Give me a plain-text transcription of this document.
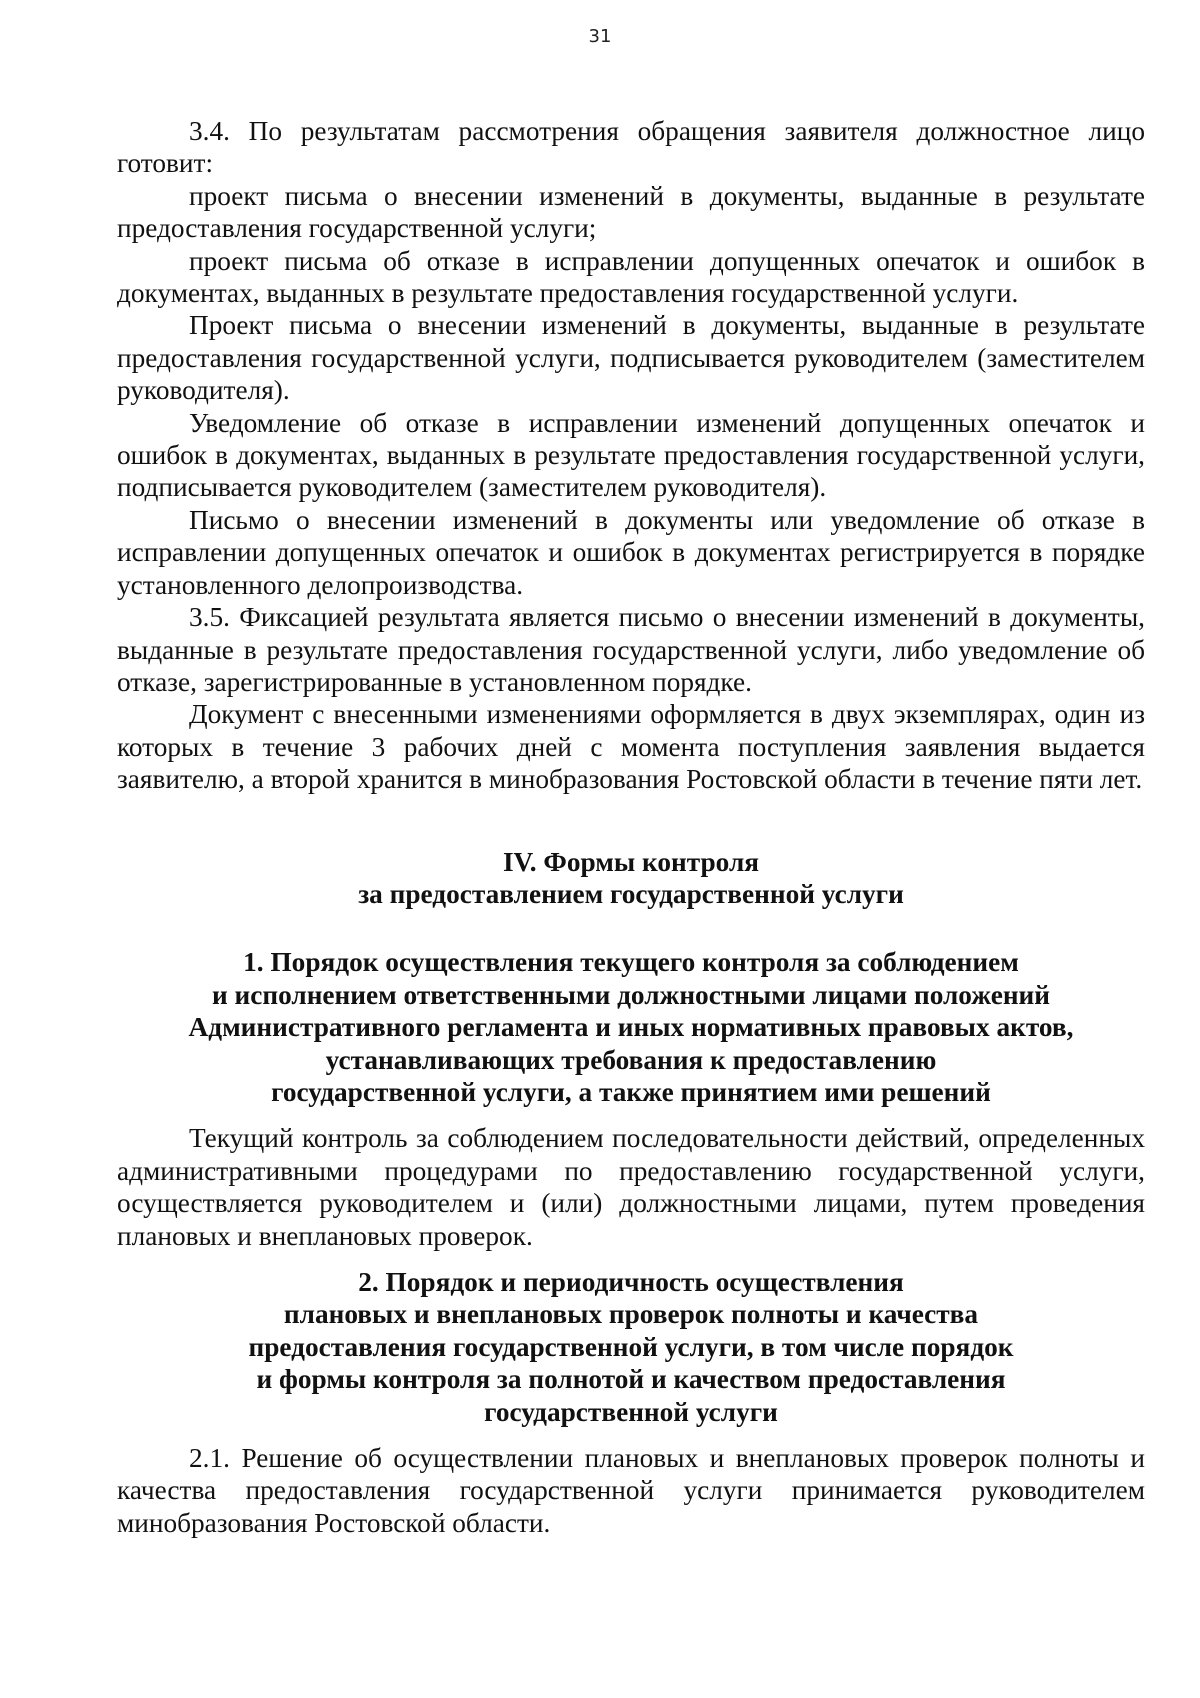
31

3.4. По результатам рассмотрения обращения заявителя должностное лицо готовит:

проект письма о внесении изменений в документы, выданные в результате предоставления государственной услуги;

проект письма об отказе в исправлении допущенных опечаток и ошибок в документах, выданных в результате предоставления государственной услуги.

Проект письма о внесении изменений в документы, выданные в результате предоставления государственной услуги, подписывается руководителем (заместителем руководителя).

Уведомление об отказе в исправлении изменений допущенных опечаток и ошибок в документах, выданных в результате предоставления государственной услуги, подписывается руководителем (заместителем руководителя).

Письмо о внесении изменений в документы или уведомление об отказе в исправлении допущенных опечаток и ошибок в документах регистрируется в порядке установленного делопроизводства.

3.5. Фиксацией результата является письмо о внесении изменений в документы, выданные в результате предоставления государственной услуги, либо уведомление об отказе, зарегистрированные в установленном порядке.

Документ с внесенными изменениями оформляется в двух экземплярах, один из которых в течение 3 рабочих дней с момента поступления заявления выдается заявителю, а второй хранится в минобразования Ростовской области в течение пяти лет.

IV. Формы контроля
за предоставлением государственной услуги
1. Порядок осуществления текущего контроля за соблюдением
и исполнением ответственными должностными лицами положений
Административного регламента и иных нормативных правовых актов,
устанавливающих требования к предоставлению
государственной услуги, а также принятием ими решений

Текущий контроль за соблюдением последовательности действий, определенных административными процедурами по предоставлению государственной услуги, осуществляется руководителем и (или) должностными лицами, путем проведения плановых и внеплановых проверок.

2. Порядок и периодичность осуществления
плановых и внеплановых проверок полноты и качества
предоставления государственной услуги, в том числе порядок
и формы контроля за полнотой и качеством предоставления
государственной услуги

2.1. Решение об осуществлении плановых и внеплановых проверок полноты и качества предоставления государственной услуги принимается руководителем минобразования Ростовской области.
